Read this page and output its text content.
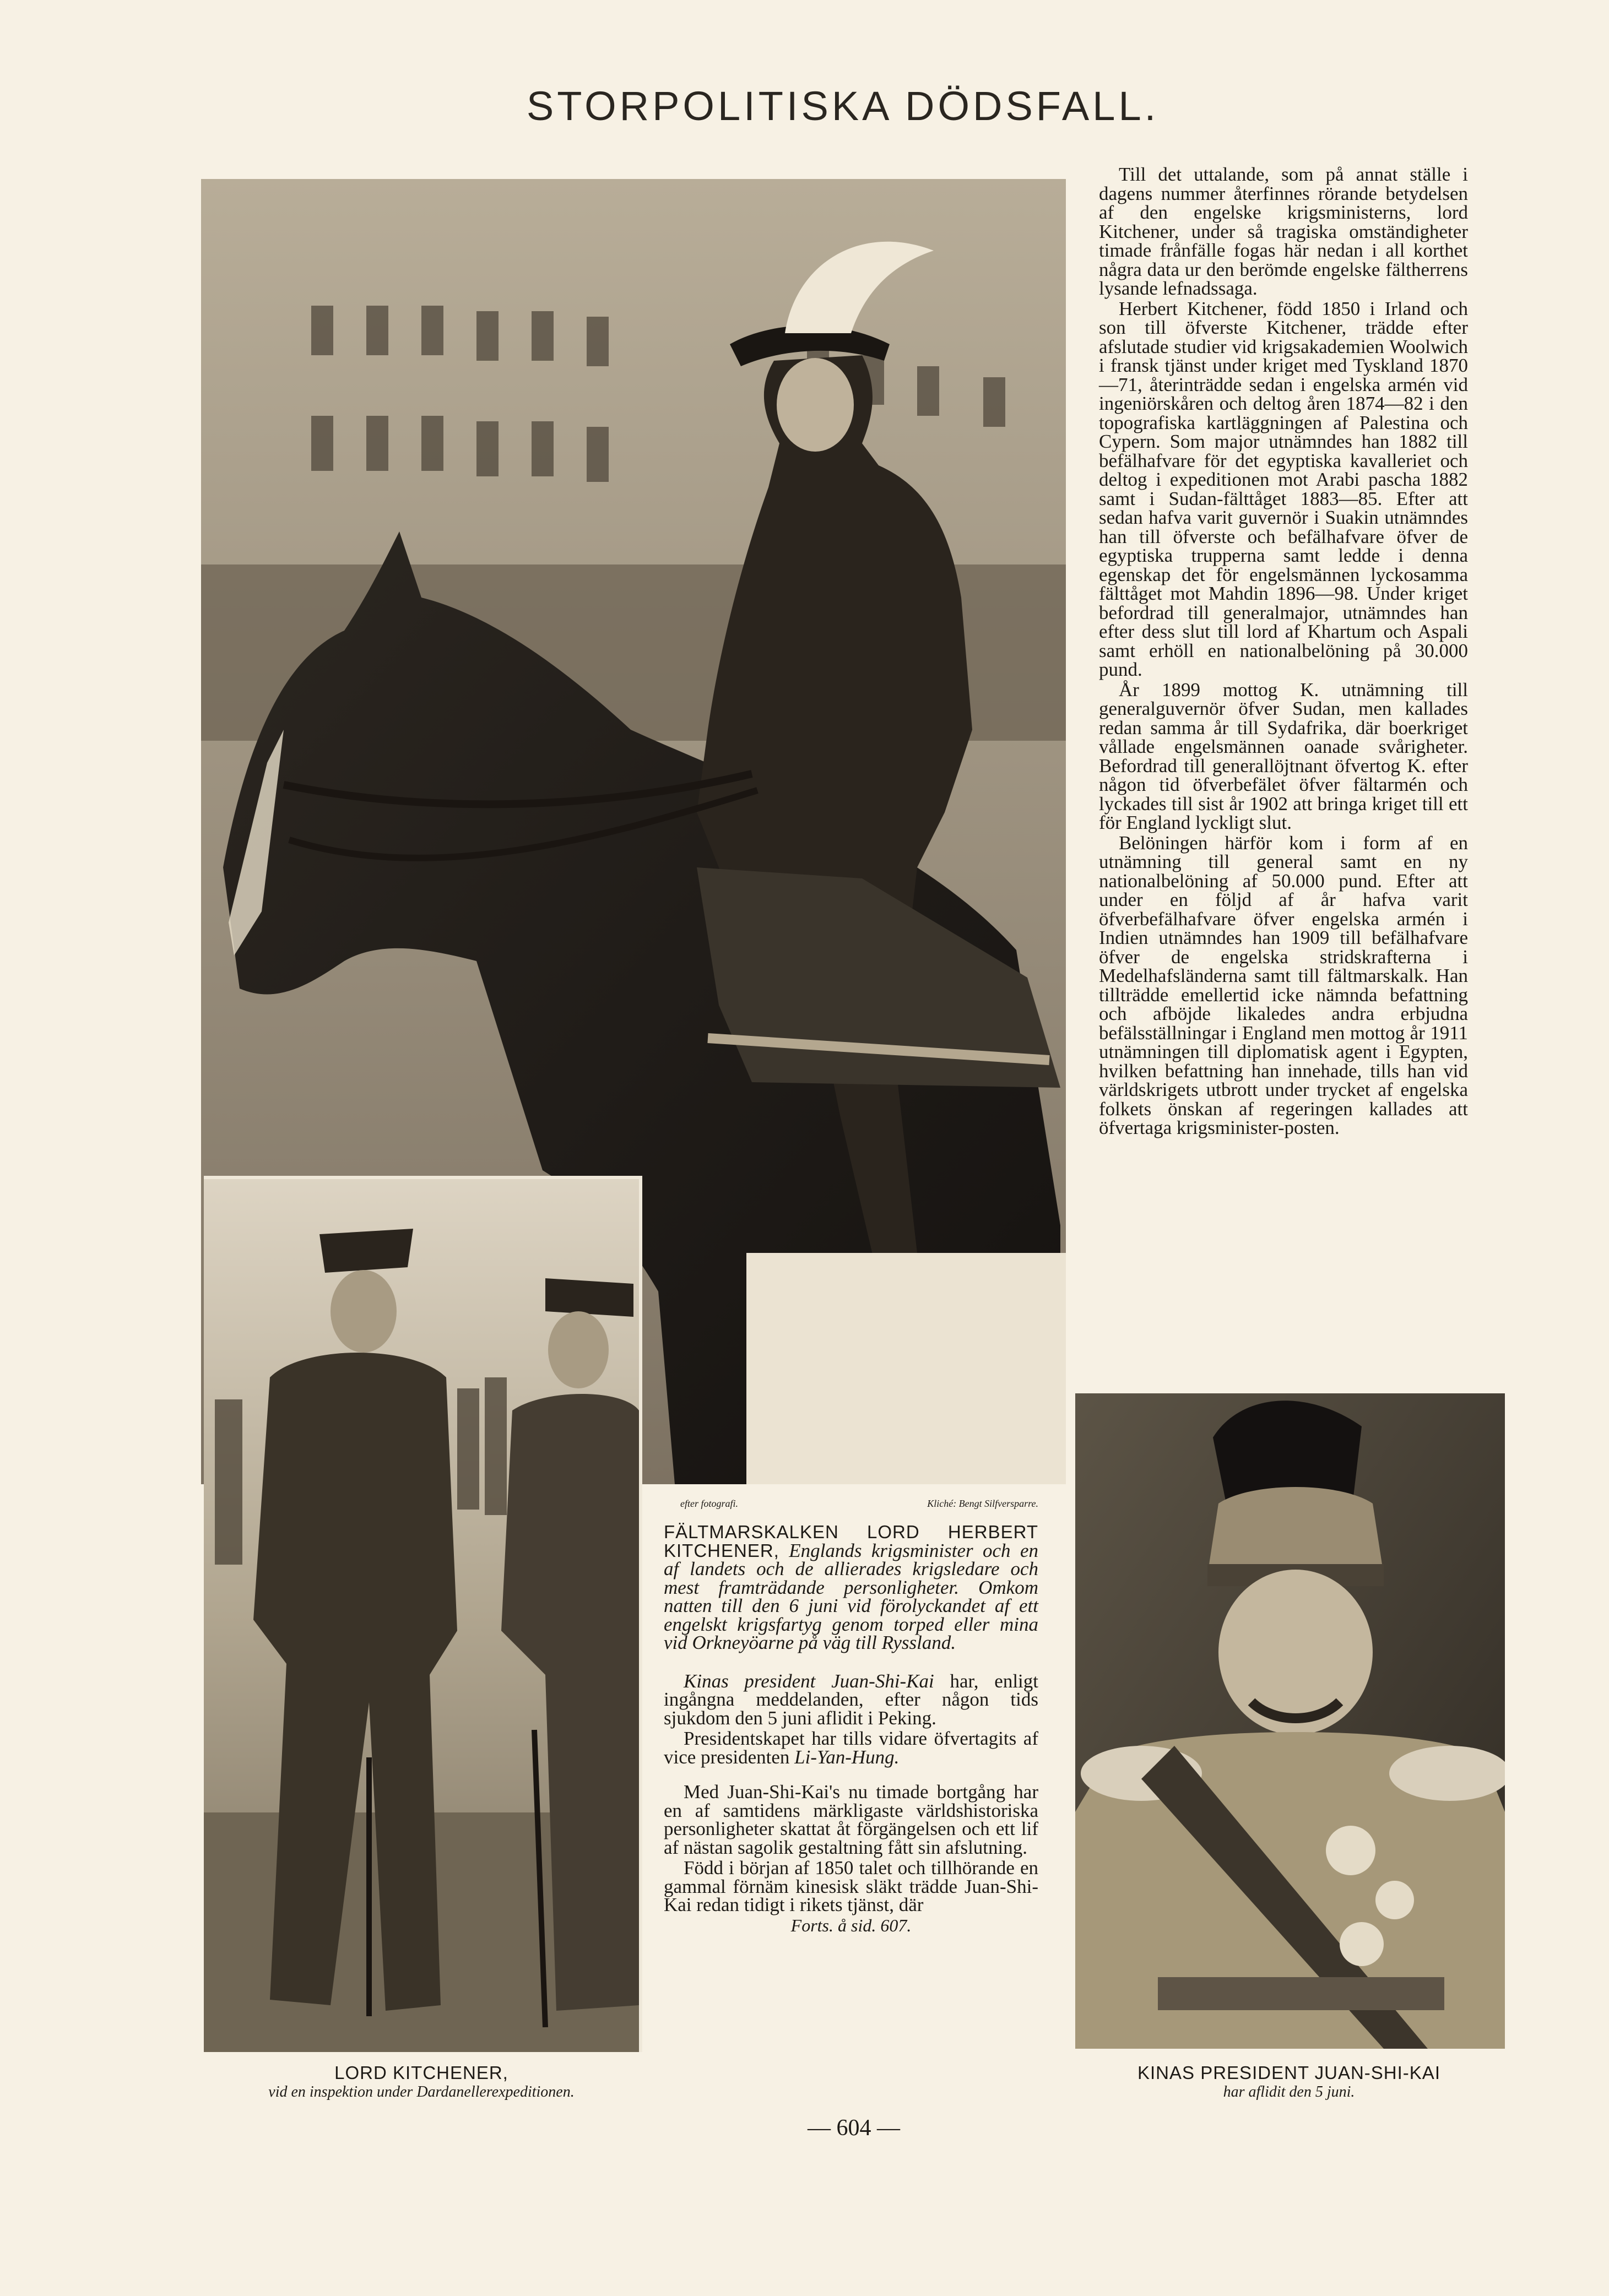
STORPOLITISKA DÖDSFALL.

Till det uttalande, som på annat ställe i dagens nummer återfinnes rörande betydelsen af den engelske krigsministerns, lord Kitchener, under så tragiska omständigheter timade frånfälle fogas här nedan i all korthet några data ur den berömde engelske fältherrens lysande lefnadssaga.

Herbert Kitchener, född 1850 i Irland och son till öfverste Kitchener, trädde efter afslutade studier vid krigsakademien Woolwich i fransk tjänst under kriget med Tyskland 1870—71, återinträdde sedan i engelska armén vid ingeniörskåren och deltog åren 1874—82 i den topografiska kartläggningen af Palestina och Cypern. Som major utnämndes han 1882 till befälhafvare för det egyptiska kavalleriet och deltog i expeditionen mot Arabi pascha 1882 samt i Sudan-fälttåget 1883—85. Efter att sedan hafva varit guvernör i Suakin utnämndes han till öfverste och befälhafvare öfver de egyptiska trupperna samt ledde i denna egenskap det för engelsmännen lyckosamma fälttåget mot Mahdin 1896—98. Under kriget befordrad till generalmajor, utnämndes han efter dess slut till lord af Khartum och Aspali samt erhöll en nationalbelöning på 30.000 pund.

År 1899 mottog K. utnämning till generalguvernör öfver Sudan, men kallades redan samma år till Sydafrika, där boerkriget vållade engelsmännen oanade svårigheter. Befordrad till generallöjtnant öfvertog K. efter någon tid öfverbefälet öfver fältarmén och lyckades till sist år 1902 att bringa kriget till ett för England lyckligt slut.

Belöningen härför kom i form af en utnämning till general samt en ny nationalbelöning af 50.000 pund. Efter att under en följd af år hafva varit öfverbefälhafvare öfver engelska armén i Indien utnämndes han 1909 till befälhafvare öfver de engelska stridskrafterna i Medelhafsländerna samt till fältmarskalk. Han tillträdde emellertid icke nämnda befattning och afböjde likaledes andra erbjudna befälsställningar i England men mottog år 1911 utnämningen till diplomatisk agent i Egypten, hvilken befattning han innehade, tills han vid världskrigets utbrott under trycket af engelska folkets önskan af regeringen kallades att öfvertaga krigsminister-posten.

efter fotografi.	Kliché: Bengt Silfversparre.

FÄLTMARSKALKEN LORD HERBERT KITCHENER, Englands krigsminister och en af landets och de allierades krigsledare och mest framträdande personligheter. Omkom natten till den 6 juni vid förolyckandet af ett engelskt krigsfartyg genom torped eller mina vid Orkneyöarne på väg till Ryssland.

Kinas president Juan-Shi-Kai har, enligt ingångna meddelanden, efter någon tids sjukdom den 5 juni aflidit i Peking.

Presidentskapet har tills vidare öfvertagits af vice presidenten Li-Yan-Hung.

Med Juan-Shi-Kai's nu timade bortgång har en af samtidens märkligaste världshistoriska personligheter skattat åt förgängelsen och ett lif af nästan sagolik gestaltning fått sin afslutning.

Född i början af 1850 talet och tillhörande en gammal förnäm kinesisk släkt trädde Juan-Shi-Kai redan tidigt i rikets tjänst, där

Forts. å sid. 607.

LORD KITCHENER,
vid en inspektion under Dardanellerexpeditionen.
KINAS PRESIDENT JUAN-SHI-KAI
har aflidit den 5 juni.
— 604 —
